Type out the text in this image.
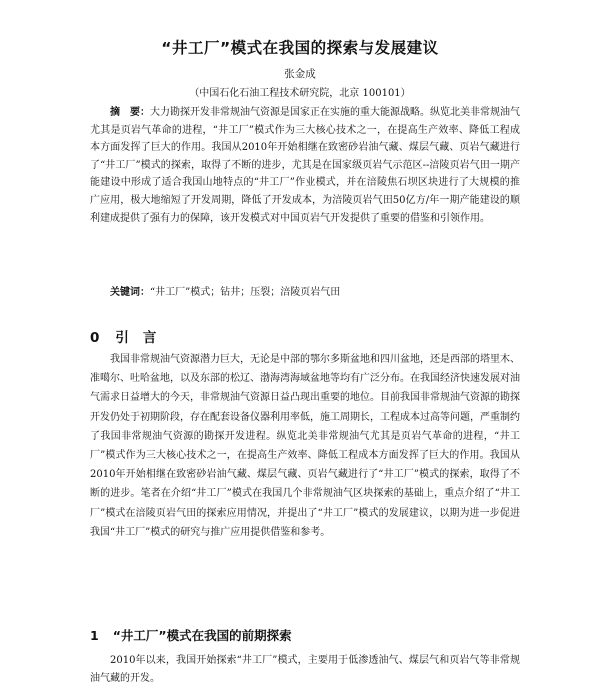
“井工厂”模式在我国的探索与发展建议
张金成
（中国石化石油工程技术研究院，北京 100101）
摘　要：大力勘探开发非常规油气资源是国家正在实施的重大能源战略。纵览北美非常规油气尤其是页岩气革命的进程，“井工厂”模式作为三大核心技术之一，在提高生产效率、降低工程成本方面发挥了巨大的作用。我国从2010年开始相继在致密砂岩油气藏、煤层气藏、页岩气藏进行了“井工厂”模式的探索，取得了不断的进步，尤其是在国家级页岩气示范区--涪陵页岩气田一期产能建设中形成了适合我国山地特点的“井工厂”作业模式，并在涪陵焦石坝区块进行了大规模的推广应用，极大地缩短了开发周期，降低了开发成本，为涪陵页岩气田50亿方/年一期产能建设的顺利建成提供了强有力的保障，该开发模式对中国页岩气开发提供了重要的借鉴和引领作用。
关键词：“井工厂”模式；钻井；压裂；涪陵页岩气田
0 引言
我国非常规油气资源潜力巨大，无论是中部的鄂尔多斯盆地和四川盆地，还是西部的塔里木、准噶尔、吐哈盆地，以及东部的松辽、渤海湾海域盆地等均有广泛分布。在我国经济快速发展对油气需求日益增大的今天，非常规油气资源日益凸现出重要的地位。目前我国非常规油气资源的勘探开发仍处于初期阶段，存在配套设备仪器利用率低，施工周期长，工程成本过高等问题，严重制约了我国非常规油气资源的勘探开发进程。纵览北美非常规油气尤其是页岩气革命的进程，“井工厂”模式作为三大核心技术之一，在提高生产效率、降低工程成本方面发挥了巨大的作用。我国从2010年开始相继在致密砂岩油气藏、煤层气藏、页岩气藏进行了“井工厂”模式的探索，取得了不断的进步。笔者在介绍“井工厂”模式在我国几个非常规油气区块探索的基础上，重点介绍了“井工厂”模式在涪陵页岩气田的探索应用情况，并提出了“井工厂”模式的发展建议，以期为进一步促进我国“井工厂”模式的研究与推广应用提供借鉴和参考。
1 “井工厂”模式在我国的前期探索
2010年以来，我国开始探索“井工厂”模式，主要用于低渗透油气、煤层气和页岩气等非常规油气藏的开发。
